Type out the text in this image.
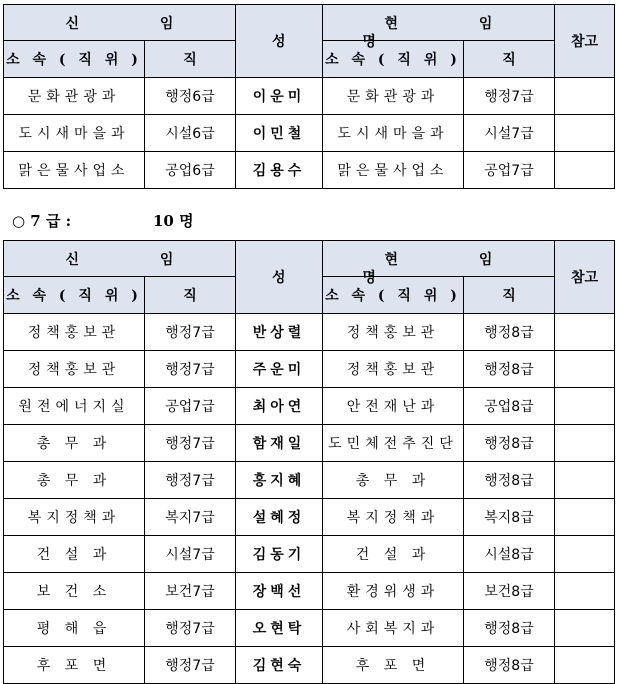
신 임		성 명	현 임		참고
소 속 ( 직 위 )	직		소 속 ( 직 위 )	직	
문화관광과	행정6급	이운미	문화관광과	행정7급	
도시새마을과	시설6급	이민철	도시새마을과	시설7급	
맑은물사업소	공업6급	김용수	맑은물사업소	공업7급	
○ 7 급 :	10 명
신 임		성 명	현 임		참고
소 속 ( 직 위 )	직		소 속 ( 직 위 )	직	
정책홍보관	행정7급	반상렬	정책홍보관	행정8급	
정책홍보관	행정7급	주운미	정책홍보관	행정8급	
원전에너지실	공업7급	최아연	안전재난과	공업8급	
총 무 과	행정7급	함재일	도민체전추진단	행정8급	
총 무 과	행정7급	홍지혜	총 무 과	행정8급	
복지정책과	복지7급	설혜정	복지정책과	복지8급	
건 설 과	시설7급	김동기	건 설 과	시설8급	
보 건 소	보건7급	장백선	환경위생과	보건8급	
평 해 읍	행정7급	오현탁	사회복지과	행정8급	
후 포 면	행정7급	김현숙	후 포 면	행정8급	
